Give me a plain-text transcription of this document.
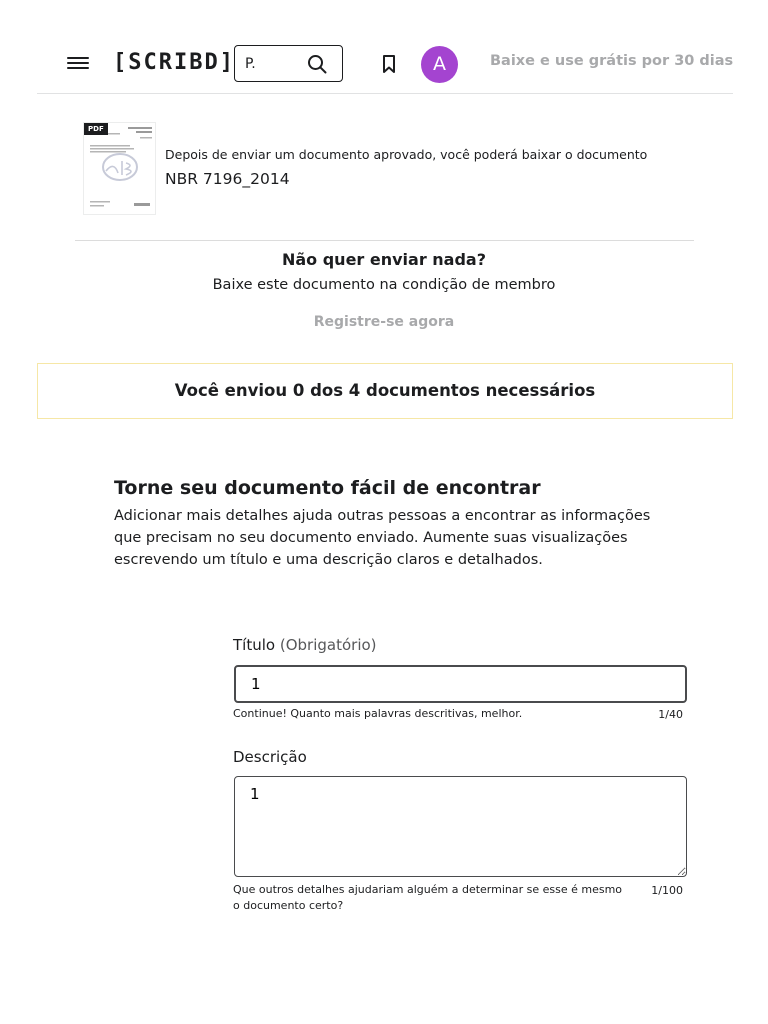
[SCRIBD]
P.	A	Baixe e use grátis por 30 dias
PDF
Depois de enviar um documento aprovado, você poderá baixar o documento
NBR 7196_2014
Não quer enviar nada?
Baixe este documento na condição de membro
Registre-se agora
Você enviou 0 dos 4 documentos necessários
Torne seu documento fácil de encontrar
Adicionar mais detalhes ajuda outras pessoas a encontrar as informações que precisam no seu documento enviado. Aumente suas visualizações escrevendo um título e uma descrição claros e detalhados.
Título (Obrigatório)
1
Continue! Quanto mais palavras descritivas, melhor.	1/40
Descrição
1
Que outros detalhes ajudariam alguém a determinar se esse é mesmo o documento certo?
1/100
